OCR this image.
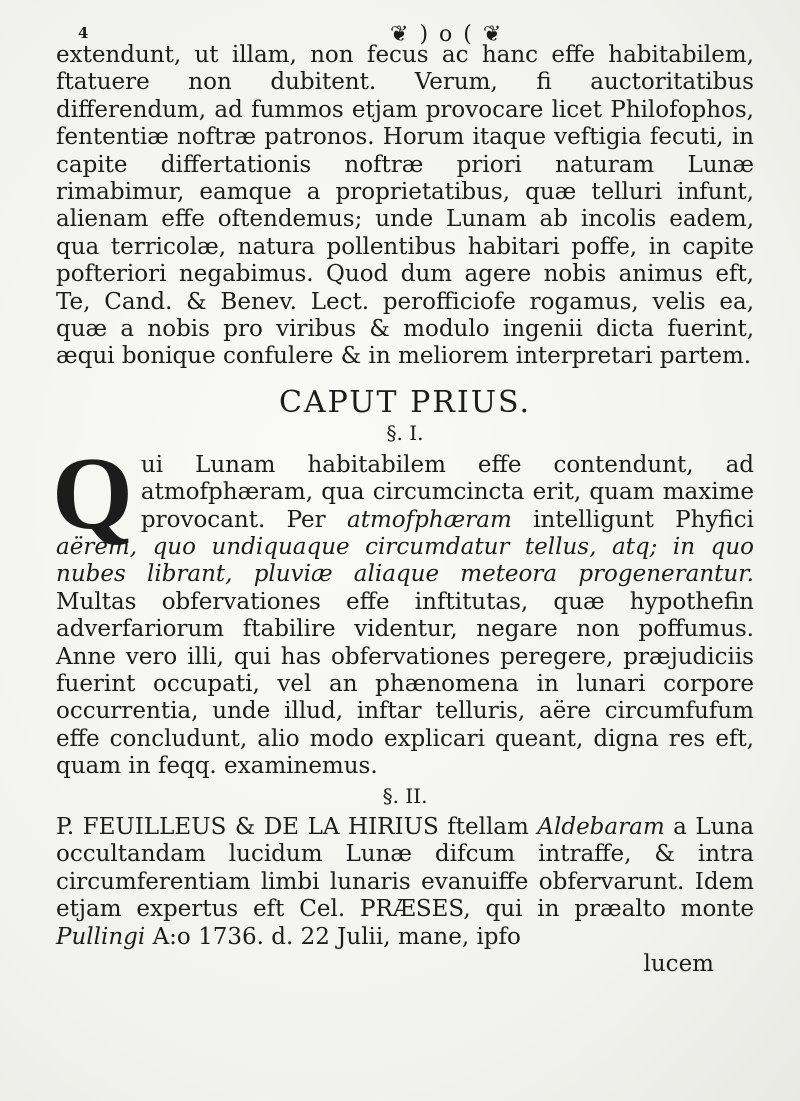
4	❦ ) o ( ❦

extendunt, ut illam, non fecus ac hanc effe habitabilem, ftatuere non dubitent. Verum, fi auctoritatibus differendum, ad fummos etjam provocare licet Philofophos, fententiæ noftræ patronos. Horum itaque veftigia fecuti, in capite differtationis noftræ priori naturam Lunæ rimabimur, eamque a proprietatibus, quæ telluri infunt, alienam effe oftendemus; unde Lunam ab incolis eadem, qua terricolæ, natura pollentibus habitari poffe, in capite pofteriori negabimus. Quod dum agere nobis animus eft, Te, Cand. & Benev. Lect. perofficiofe rogamus, velis ea, quæ a nobis pro viribus & modulo ingenii dicta fuerint, æqui bonique confulere & in meliorem interpretari partem.

CAPUT PRIUS.

§. I.

Qui Lunam habitabilem effe contendunt, ad atmofphæram, qua circumcincta erit, quam maxime provocant. Per atmofphæram intelligunt Phyfici aërem, quo undiquaque circumdatur tellus, atq; in quo nubes librant, pluviæ aliaque meteora progenerantur. Multas obfervationes effe inftitutas, quæ hypothefin adverfariorum ftabilire videntur, negare non poffumus. Anne vero illi, qui has obfervationes peregere, præjudiciis fuerint occupati, vel an phænomena in lunari corpore occurrentia, unde illud, inftar telluris, aëre circumfufum effe concludunt, alio modo explicari queant, digna res eft, quam in feqq. examinemus.

§. II.

P. FEUILLEUS & DE LA HIRIUS ftellam Aldebaram a Luna occultandam lucidum Lunæ difcum intraffe, & intra circumferentiam limbi lunaris evanuiffe obfervarunt. Idem etjam expertus eft Cel. PRÆSES, qui in præalto monte Pullingi A:o 1736. d. 22 Julii, mane, ipfo

lucem
